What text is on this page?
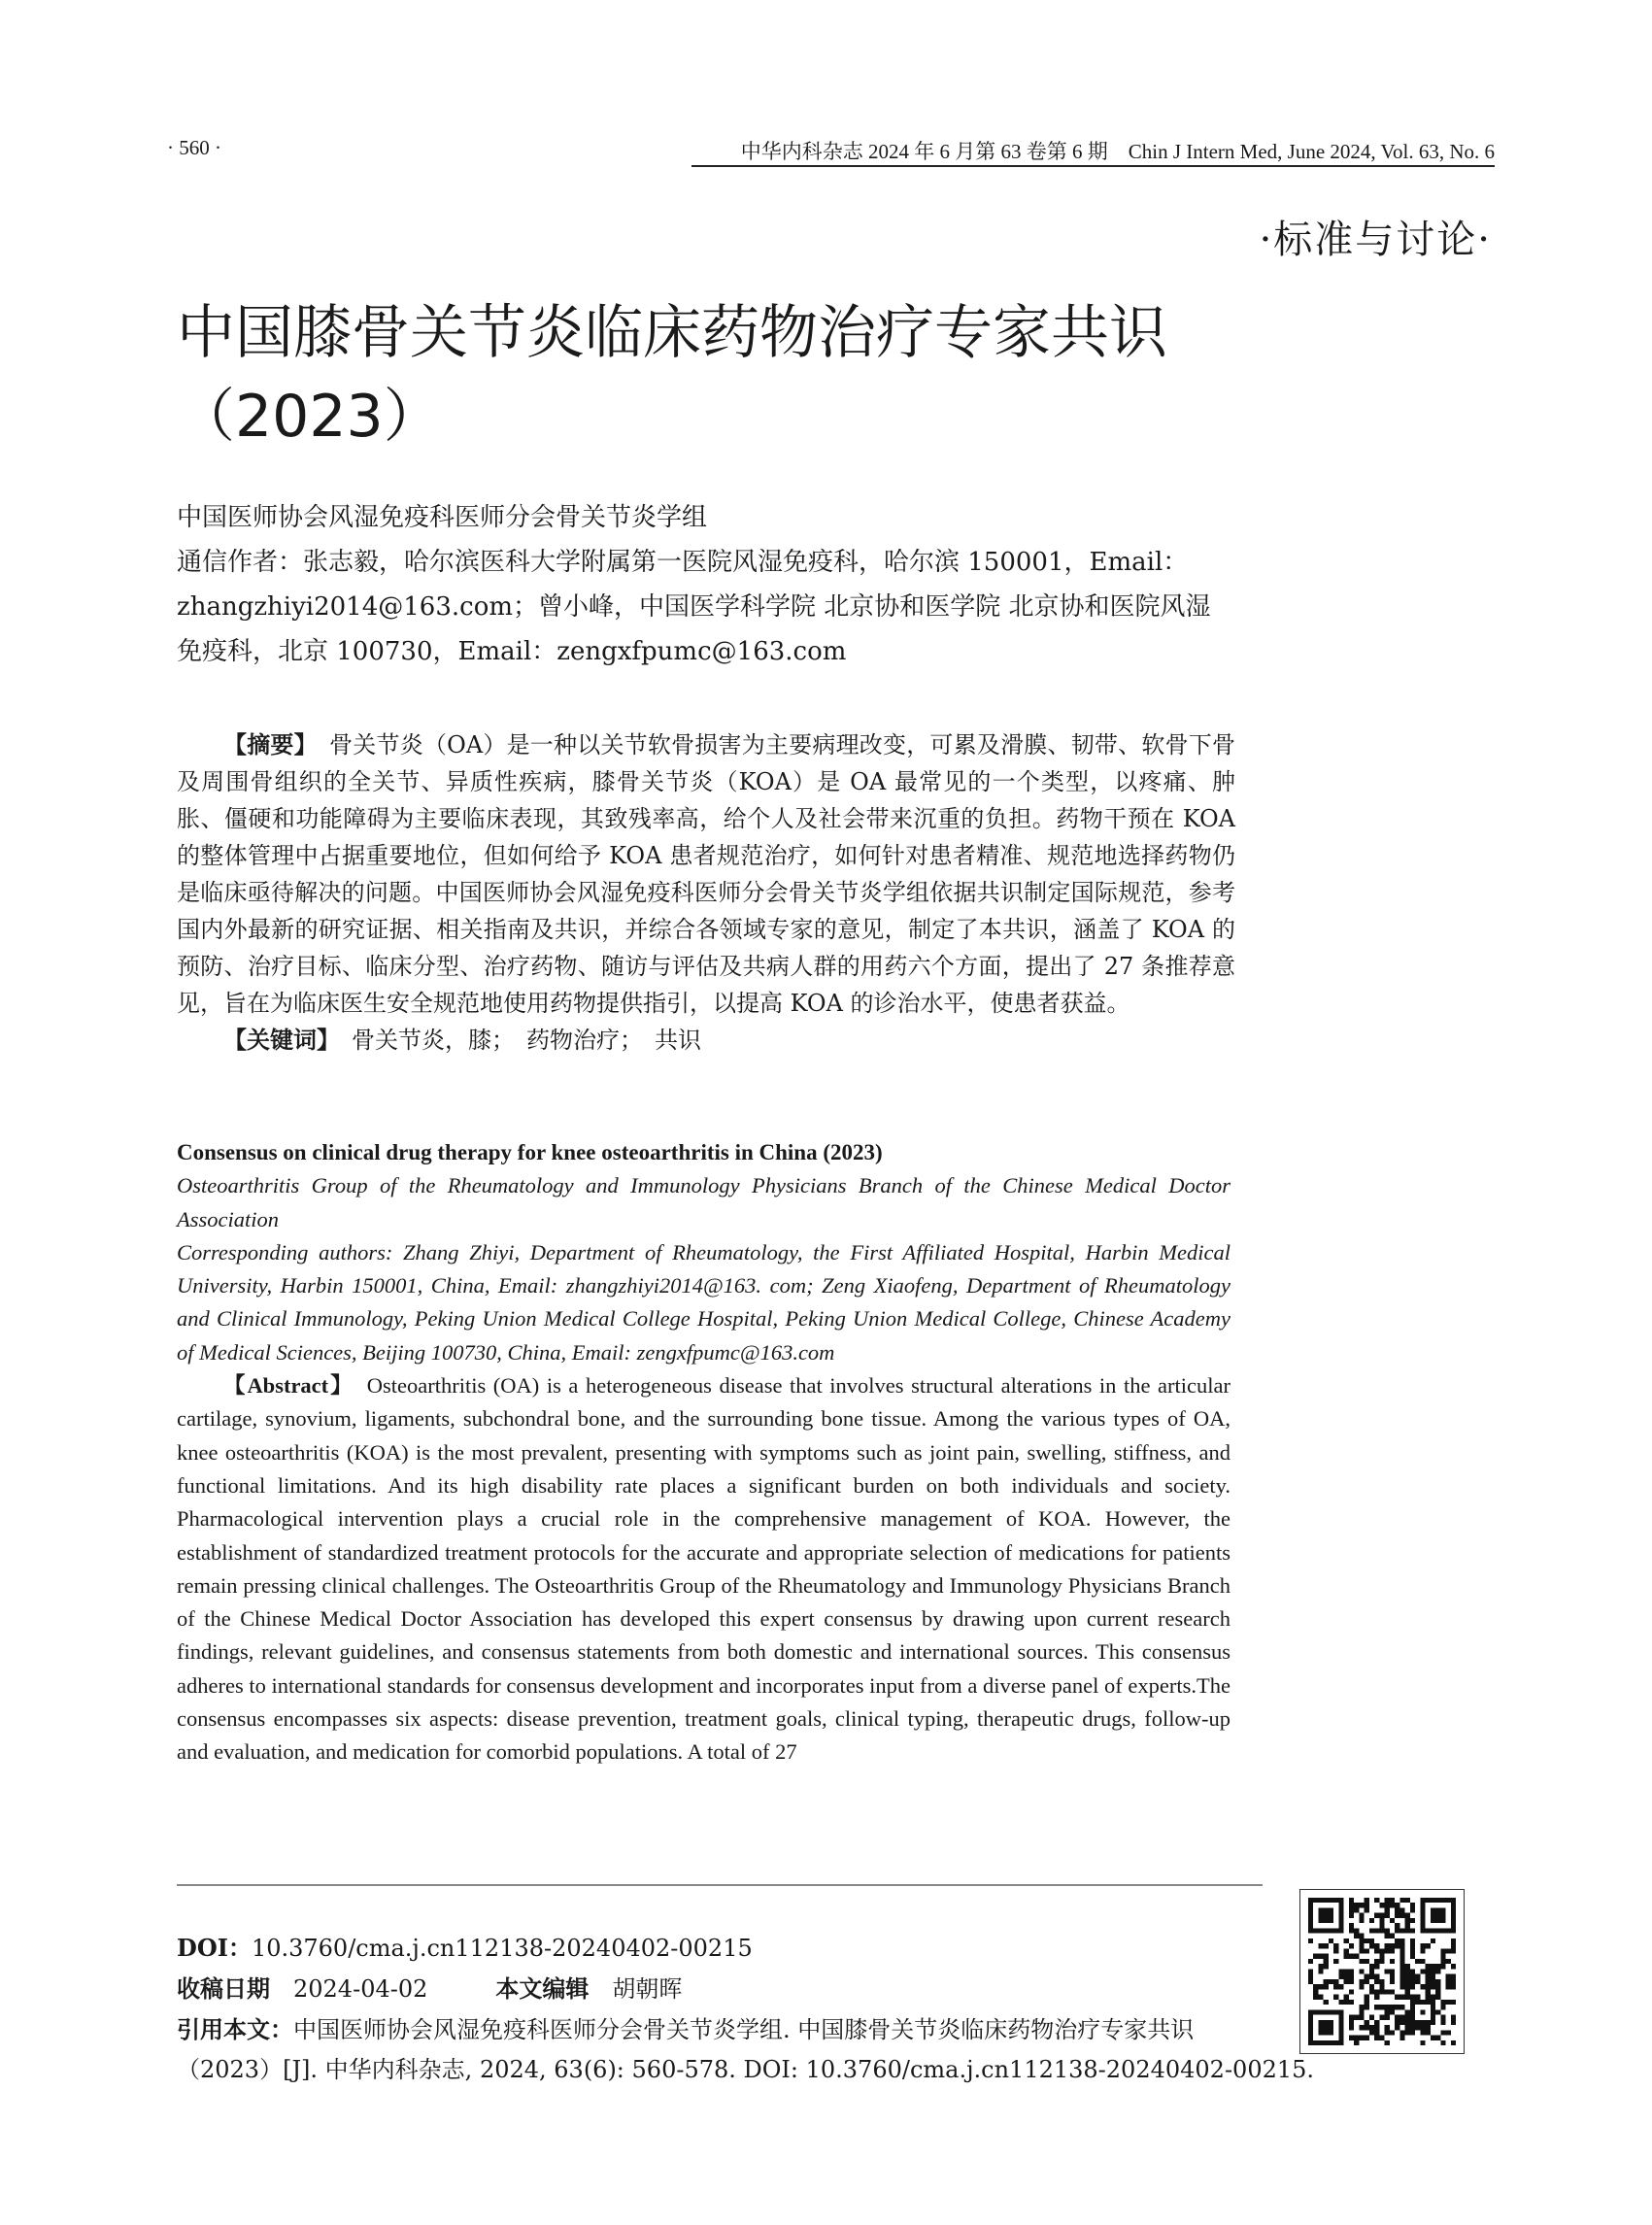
· 560 ·	中华内科杂志 2024 年 6 月第 63 卷第 6 期　Chin J Intern Med, June 2024, Vol. 63, No. 6
·标准与讨论·
中国膝骨关节炎临床药物治疗专家共识
（2023）
中国医师协会风湿免疫科医师分会骨关节炎学组
通信作者：张志毅，哈尔滨医科大学附属第一医院风湿免疫科，哈尔滨 150001，Email：
zhangzhiyi2014@163.com；曾小峰，中国医学科学院 北京协和医学院 北京协和医院风湿
免疫科，北京 100730，Email：zengxfpumc@163.com

【摘要】　 骨关节炎（OA）是一种以关节软骨损害为主要病理改变，可累及滑膜、韧带、软骨下骨及周围骨组织的全关节、异质性疾病，膝骨关节炎（KOA）是 OA 最常见的一个类型，以疼痛、肿胀、僵硬和功能障碍为主要临床表现，其致残率高，给个人及社会带来沉重的负担。药物干预在 KOA 的整体管理中占据重要地位，但如何给予 KOA 患者规范治疗，如何针对患者精准、规范地选择药物仍是临床亟待解决的问题。中国医师协会风湿免疫科医师分会骨关节炎学组依据共识制定国际规范，参考国内外最新的研究证据、相关指南及共识，并综合各领域专家的意见，制定了本共识，涵盖了 KOA 的预防、治疗目标、临床分型、治疗药物、随访与评估及共病人群的用药六个方面，提出了 27 条推荐意见，旨在为临床医生安全规范地使用药物提供指引，以提高 KOA 的诊治水平，使患者获益。

【关键词】　 骨关节炎，膝；　药物治疗；　共识

Consensus on clinical drug therapy for knee osteoarthritis in China (2023)
Osteoarthritis Group of the Rheumatology and Immunology Physicians Branch of the Chinese Medical Doctor Association
Corresponding authors: Zhang Zhiyi, Department of Rheumatology, the First Affiliated Hospital, Harbin Medical University, Harbin 150001, China, Email: zhangzhiyi2014@163. com; Zeng Xiaofeng, Department of Rheumatology and Clinical Immunology, Peking Union Medical College Hospital, Peking Union Medical College, Chinese Academy of Medical Sciences, Beijing 100730, China, Email: zengxfpumc@163.com
【Abstract】　 Osteoarthritis (OA) is a heterogeneous disease that involves structural alterations in the articular cartilage, synovium, ligaments, subchondral bone, and the surrounding bone tissue. Among the various types of OA, knee osteoarthritis (KOA) is the most prevalent, presenting with symptoms such as joint pain, swelling, stiffness, and functional limitations. And its high disability rate places a significant burden on both individuals and society. Pharmacological intervention plays a crucial role in the comprehensive management of KOA. However, the establishment of standardized treatment protocols for the accurate and appropriate selection of medications for patients remain pressing clinical challenges. The Osteoarthritis Group of the Rheumatology and Immunology Physicians Branch of the Chinese Medical Doctor Association has developed this expert consensus by drawing upon current research findings, relevant guidelines, and consensus statements from both domestic and international sources. This consensus adheres to international standards for consensus development and incorporates input from a diverse panel of experts.The consensus encompasses six aspects: disease prevention, treatment goals, clinical typing, therapeutic drugs, follow-up and evaluation, and medication for comorbid populations. A total of 27
DOI：10.3760/cma.j.cn112138-20240402-00215
收稿日期　 2024-04-02	本文编辑　 胡朝晖
引用本文：中国医师协会风湿免疫科医师分会骨关节炎学组. 中国膝骨关节炎临床药物治疗专家共识
（2023）[J]. 中华内科杂志, 2024, 63(6): 560-578. DOI: 10.3760/cma.j.cn112138-20240402-00215.
